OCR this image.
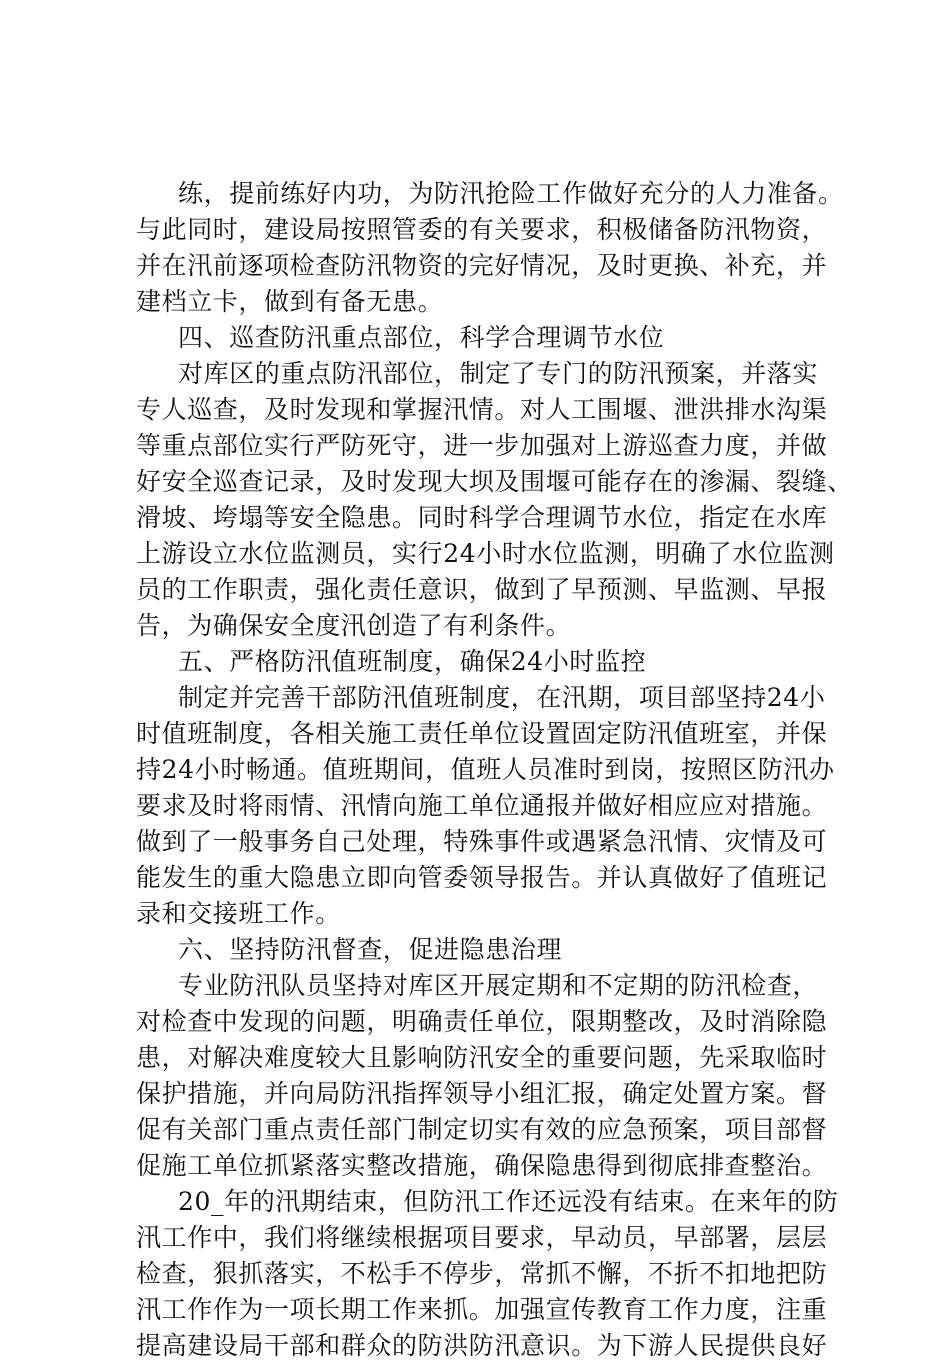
练，提前练好内功，为防汛抢险工作做好充分的人力准备。
与此同时，建设局按照管委的有关要求，积极储备防汛物资，
并在汛前逐项检查防汛物资的完好情况，及时更换、补充，并
建档立卡，做到有备无患。
四、巡查防汛重点部位，科学合理调节水位
对库区的重点防汛部位，制定了专门的防汛预案，并落实
专人巡查，及时发现和掌握汛情。对人工围堰、泄洪排水沟渠
等重点部位实行严防死守，进一步加强对上游巡查力度，并做
好安全巡查记录，及时发现大坝及围堰可能存在的渗漏、裂缝、
滑坡、垮塌等安全隐患。同时科学合理调节水位，指定在水库
上游设立水位监测员，实行24小时水位监测，明确了水位监测
员的工作职责，强化责任意识，做到了早预测、早监测、早报
告，为确保安全度汛创造了有利条件。
五、严格防汛值班制度，确保24小时监控
制定并完善干部防汛值班制度，在汛期，项目部坚持24小
时值班制度，各相关施工责任单位设置固定防汛值班室，并保
持24小时畅通。值班期间，值班人员准时到岗，按照区防汛办
要求及时将雨情、汛情向施工单位通报并做好相应应对措施。
做到了一般事务自己处理，特殊事件或遇紧急汛情、灾情及可
能发生的重大隐患立即向管委领导报告。并认真做好了值班记
录和交接班工作。
六、坚持防汛督查，促进隐患治理
专业防汛队员坚持对库区开展定期和不定期的防汛检查，
对检查中发现的问题，明确责任单位，限期整改，及时消除隐
患，对解决难度较大且影响防汛安全的重要问题，先采取临时
保护措施，并向局防汛指挥领导小组汇报，确定处置方案。督
促有关部门重点责任部门制定切实有效的应急预案，项目部督
促施工单位抓紧落实整改措施，确保隐患得到彻底排查整治。
20_年的汛期结束，但防汛工作还远没有结束。在来年的防
汛工作中，我们将继续根据项目要求，早动员，早部署，层层
检查，狠抓落实，不松手不停步，常抓不懈，不折不扣地把防
汛工作作为一项长期工作来抓。加强宣传教育工作力度，注重
提高建设局干部和群众的防洪防汛意识。为下游人民提供良好
